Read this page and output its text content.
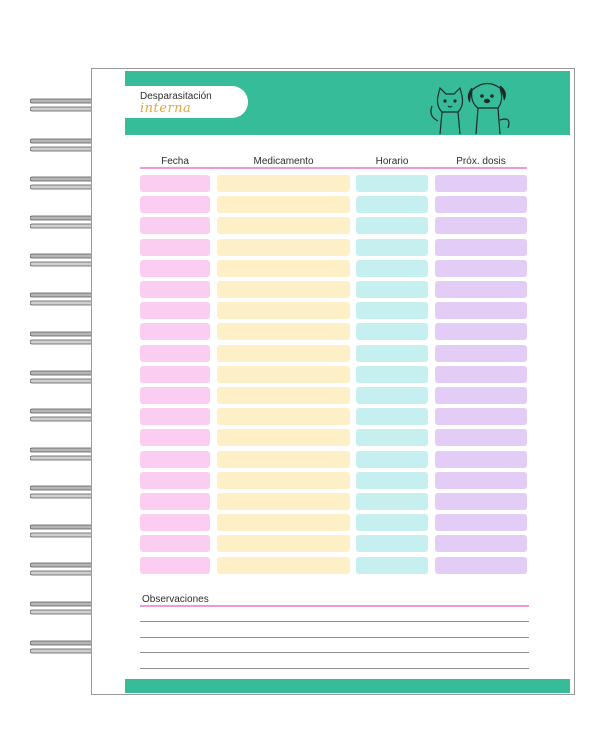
Desparasitación
interna
Fecha	Medicamento	Horario	Próx. dosis
Observaciones
